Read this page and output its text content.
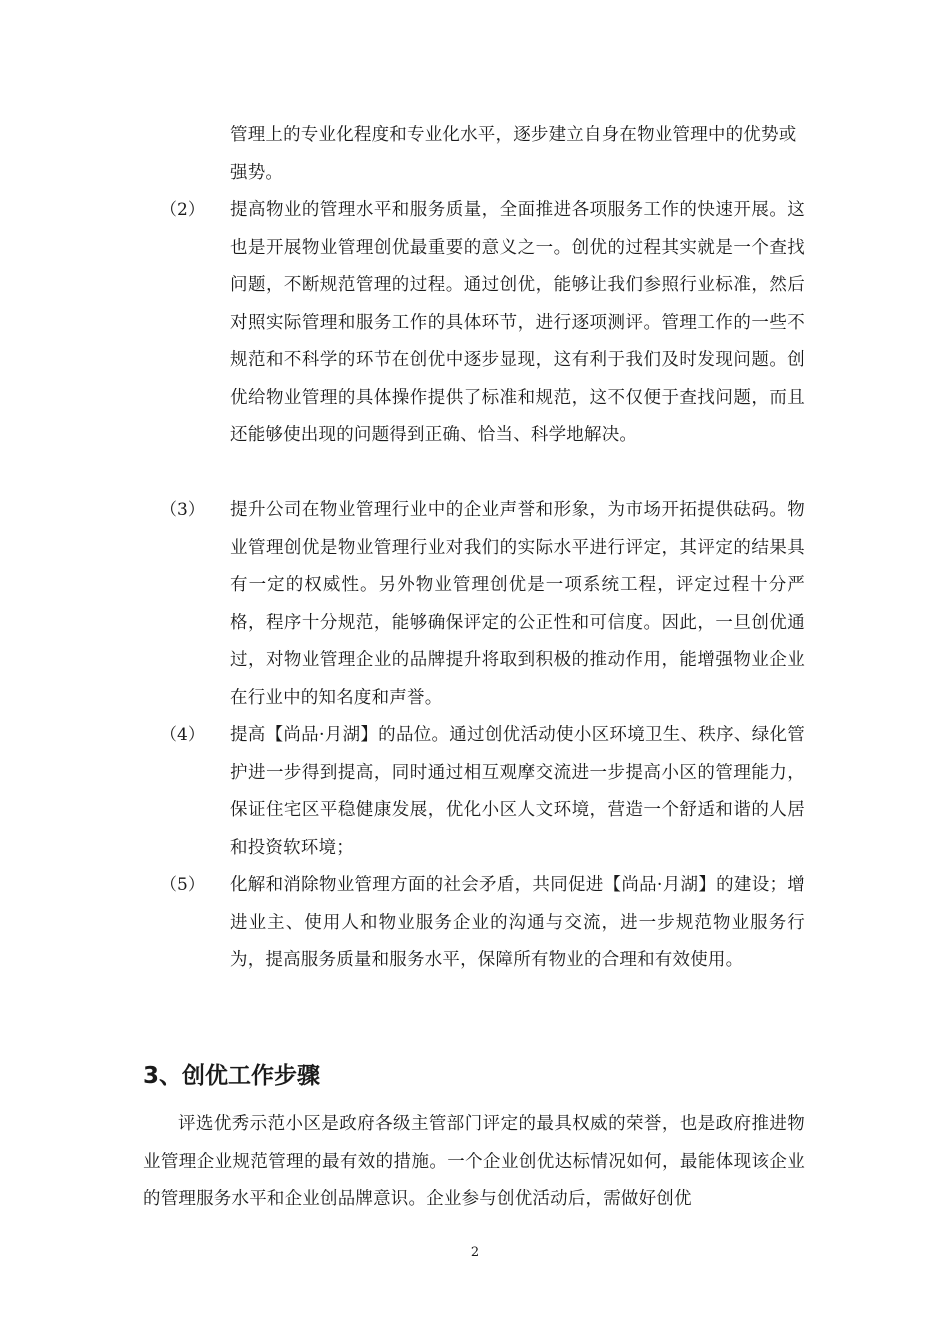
管理上的专业化程度和专业化水平，逐步建立自身在物业管理中的优势或强势。
（2） 提高物业的管理水平和服务质量，全面推进各项服务工作的快速开展。这也是开展物业管理创优最重要的意义之一。创优的过程其实就是一个查找问题，不断规范管理的过程。通过创优，能够让我们参照行业标准，然后对照实际管理和服务工作的具体环节，进行逐项测评。管理工作的一些不规范和不科学的环节在创优中逐步显现，这有利于我们及时发现问题。创优给物业管理的具体操作提供了标准和规范，这不仅便于查找问题，而且还能够使出现的问题得到正确、恰当、科学地解决。
（3） 提升公司在物业管理行业中的企业声誉和形象，为市场开拓提供砝码。物业管理创优是物业管理行业对我们的实际水平进行评定，其评定的结果具有一定的权威性。另外物业管理创优是一项系统工程，评定过程十分严格，程序十分规范，能够确保评定的公正性和可信度。因此，一旦创优通过，对物业管理企业的品牌提升将取到积极的推动作用，能增强物业企业在行业中的知名度和声誉。
（4） 提高【尚品·月湖】的品位。通过创优活动使小区环境卫生、秩序、绿化管护进一步得到提高，同时通过相互观摩交流进一步提高小区的管理能力，保证住宅区平稳健康发展，优化小区人文环境，营造一个舒适和谐的人居和投资软环境；
（5） 化解和消除物业管理方面的社会矛盾，共同促进【尚品·月湖】的建设；增进业主、使用人和物业服务企业的沟通与交流，进一步规范物业服务行为，提高服务质量和服务水平，保障所有物业的合理和有效使用。
3、创优工作步骤
评选优秀示范小区是政府各级主管部门评定的最具权威的荣誉，也是政府推进物业管理企业规范管理的最有效的措施。一个企业创优达标情况如何，最能体现该企业的管理服务水平和企业创品牌意识。企业参与创优活动后，需做好创优
2
